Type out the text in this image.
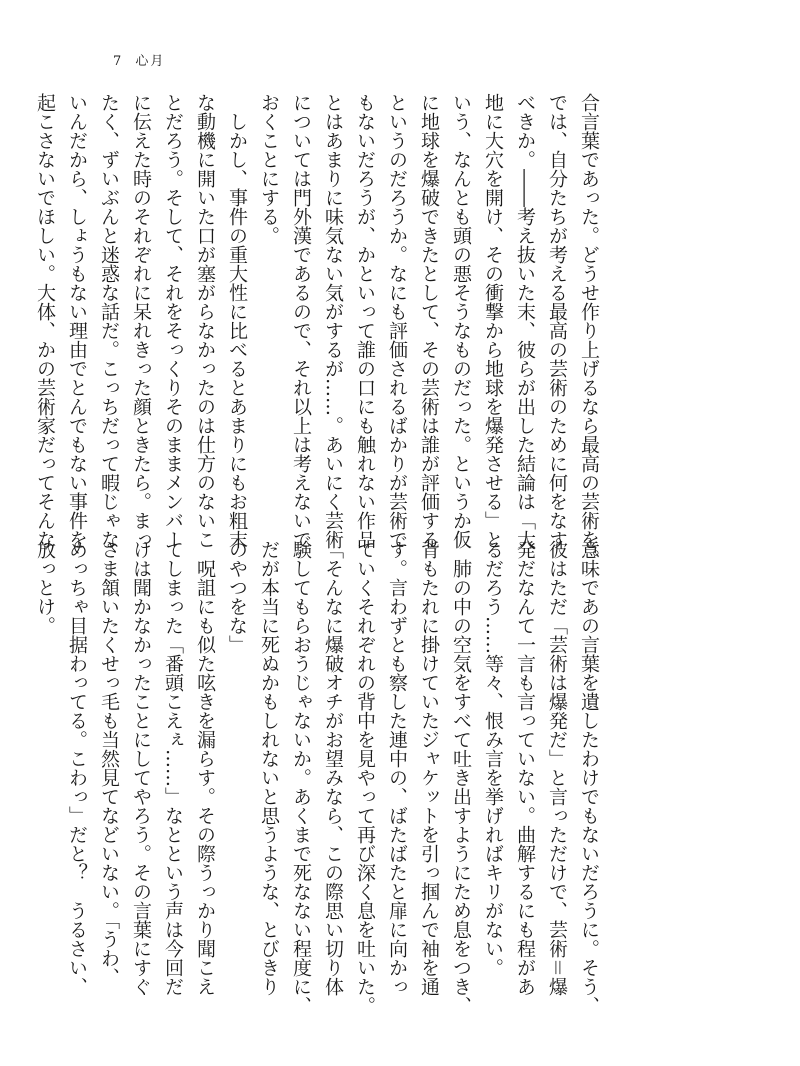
7 心月
合言葉であった。どうせ作り上げるなら最高の芸術を。
では、自分たちが考える最高の芸術のために何をなす
べきか。――考え抜いた末、彼らが出した結論は「大
地に大穴を開け、その衝撃から地球を爆発させる」と
いう、なんとも頭の悪そうなものだった。というか仮
に地球を爆破できたとして、その芸術は誰が評価する
というのだろうか。なにも評価されるばかりが芸術で
もないだろうが、かといって誰の口にも触れない作品
とはあまりに味気ない気がするが……。あいにく芸術
については門外漢であるので、それ以上は考えないで
おくことにする。
　しかし、事件の重大性に比べるとあまりにもお粗末
な動機に開いた口が塞がらなかったのは仕方のないこ
とだろう。そして、それをそっくりそのままメンバー
に伝えた時のそれぞれに呆れきった顔ときたら。まっ
たく、ずいぶんと迷惑な話だ。こっちだって暇じゃな
いんだから、しょうもない理由でとんでもない事件を
起こさないでほしい。大体、かの芸術家だってそんな
意味であの言葉を遺したわけでもないだろうに。そう、
彼はただ「芸術は爆発だ」と言っただけで、芸術＝爆
発だなんて一言も言っていない。曲解するにも程があ
るだろう……等々、恨み言を挙げればキリがない。
　肺の中の空気をすべて吐き出すようにため息をつき、
背もたれに掛けていたジャケットを引っ掴んで袖を通
す。言わずとも察した連中の、ばたばたと扉に向かっ
ていくそれぞれの背中を見やって再び深く息を吐いた。
「そんなに爆破オチがお望みなら、この際思い切り体
験してもらおうじゃないか。あくまで死なない程度に、
だが本当に死ぬかもしれないと思うような、とびきり
のやつをな」
　呪詛にも似た呟きを漏らす。その際うっかり聞こえ
てしまった「番頭こえぇ……」なとという声は今回だ
けは聞かなかったことにしてやろう。その言葉にすぐ
さま頷いたくせっ毛も当然見てなどいない。「うわ、
めっちゃ目据わってる。こわっ」だと？　うるさい、
放っとけ。
